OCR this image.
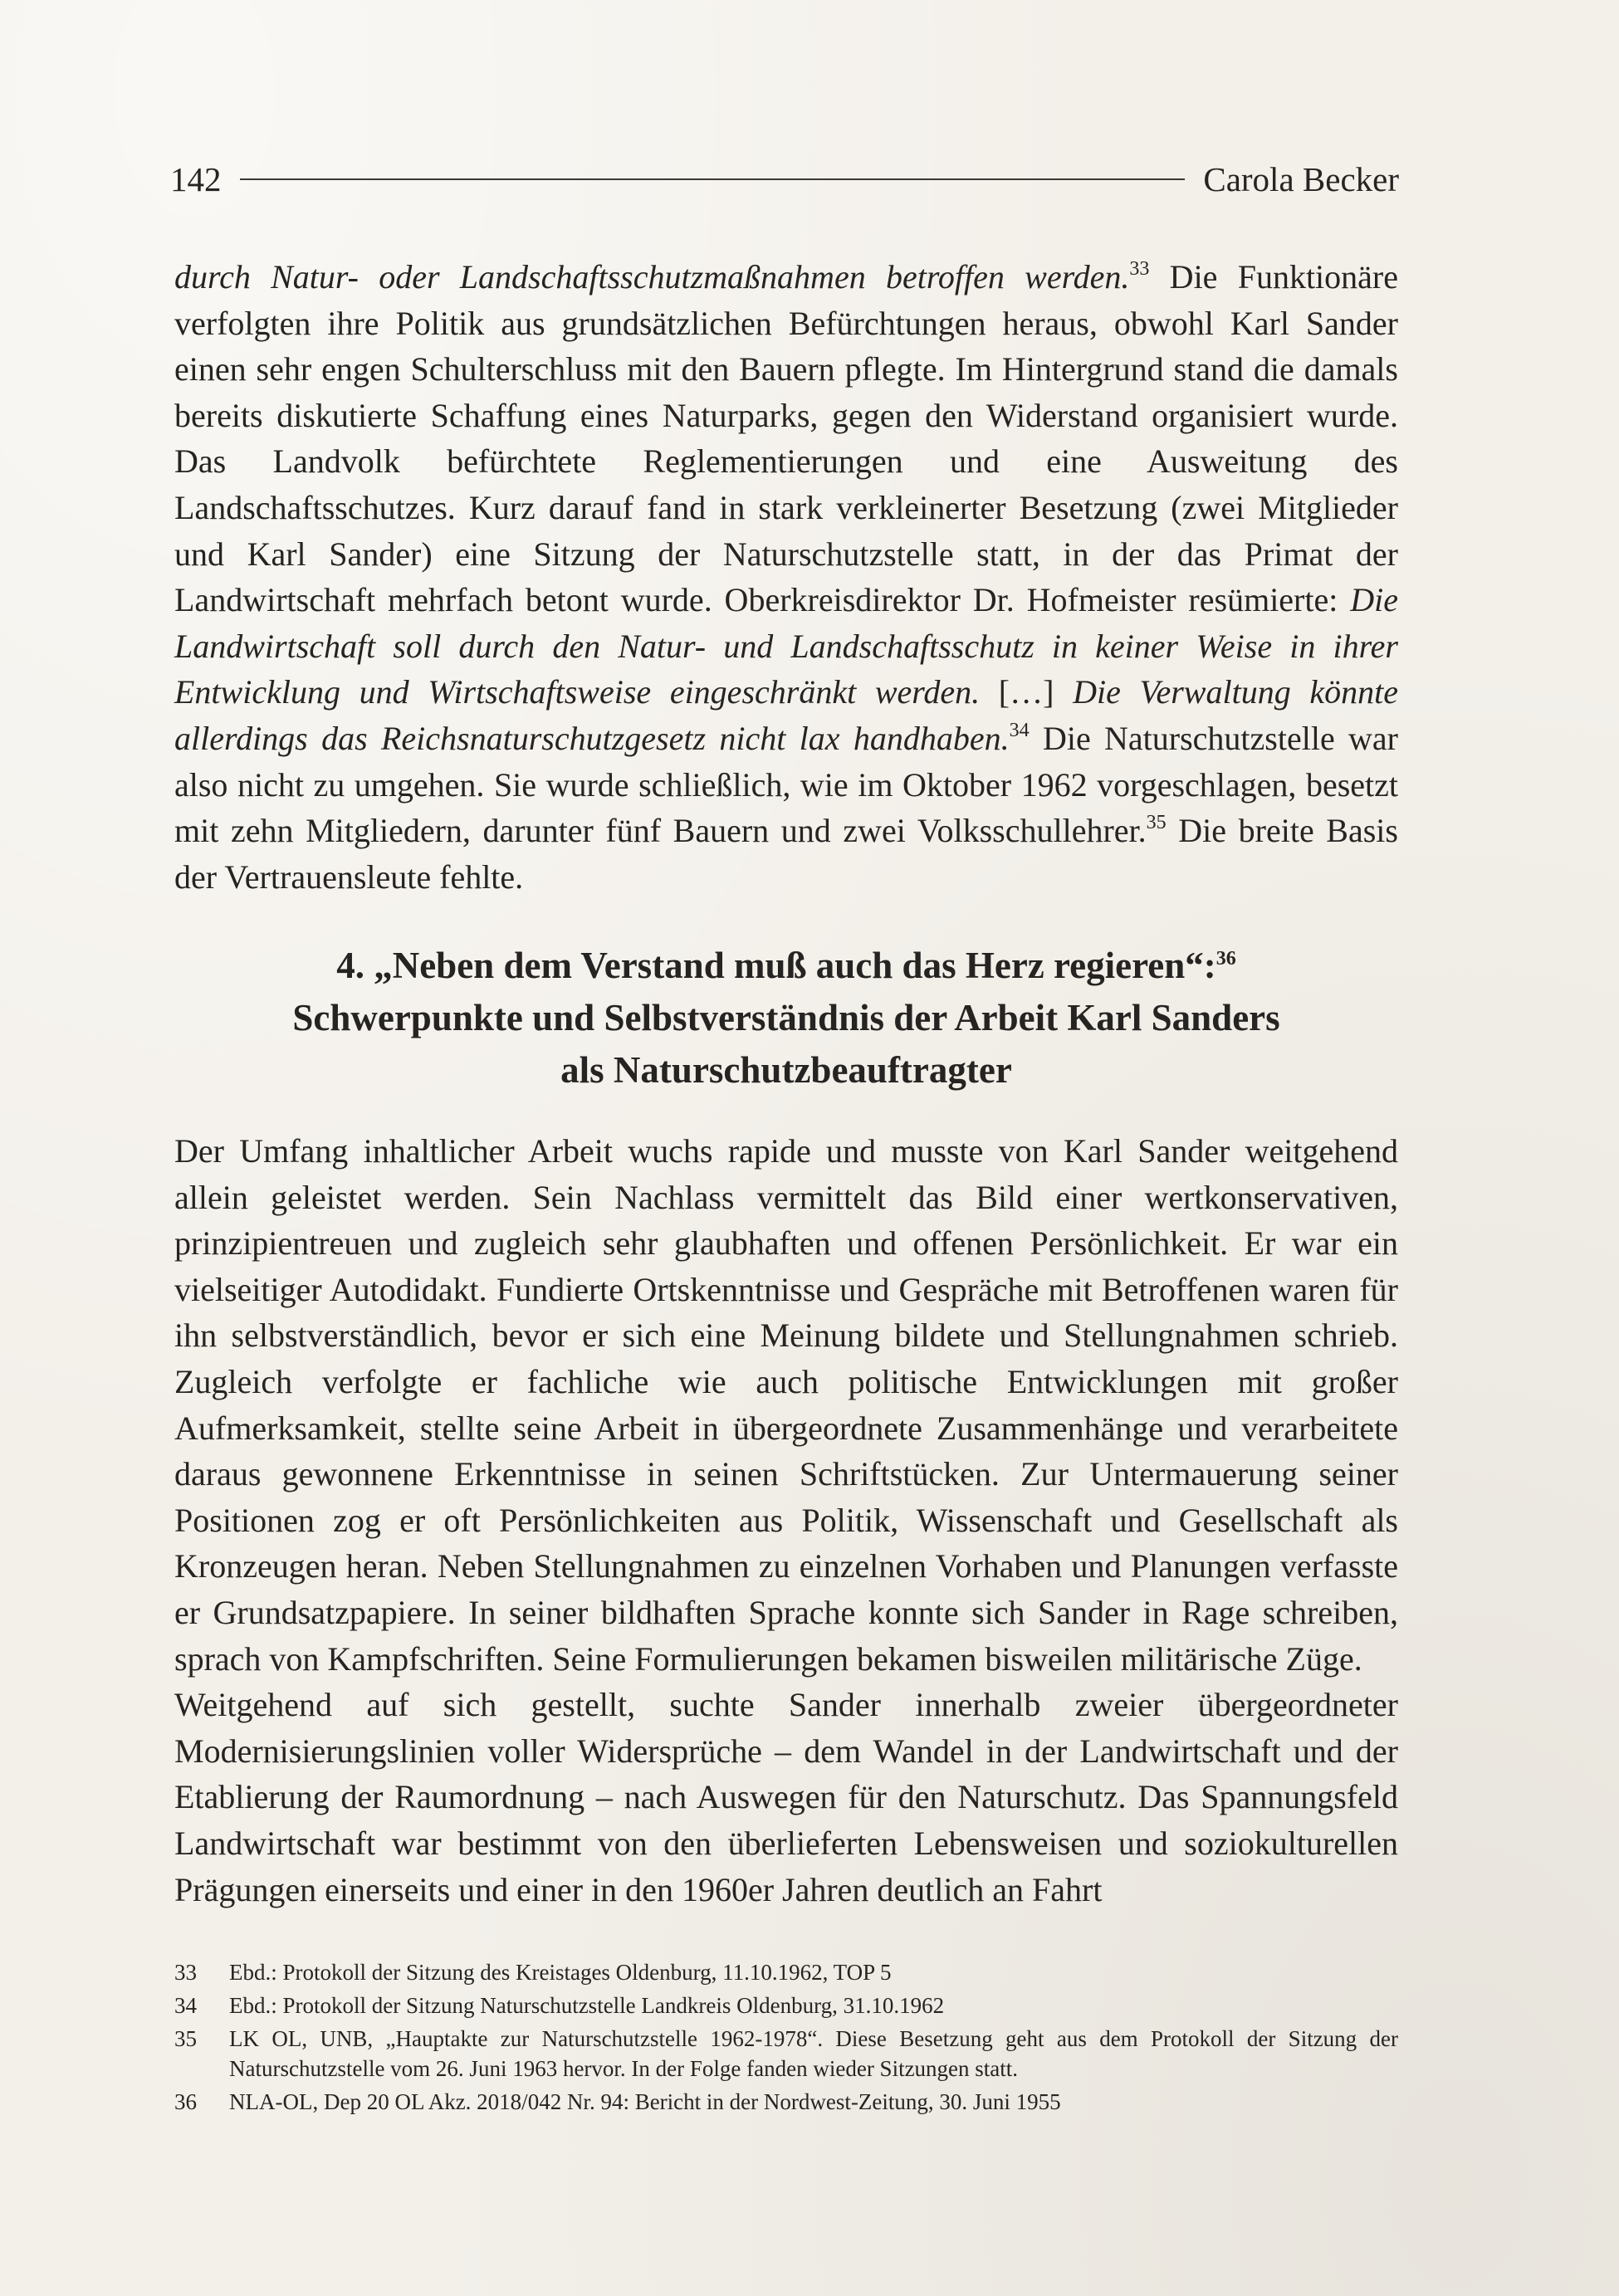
142	Carola Becker

durch Natur- oder Landschaftsschutzmaßnahmen betroffen werden.$^{33}$ Die Funktionäre verfolgten ihre Politik aus grundsätzlichen Befürchtungen heraus, obwohl Karl Sander einen sehr engen Schulterschluss mit den Bauern pflegte. Im Hintergrund stand die damals bereits diskutierte Schaffung eines Naturparks, gegen den Widerstand organisiert wurde. Das Landvolk befürchtete Reglementierungen und eine Ausweitung des Landschaftsschutzes. Kurz darauf fand in stark verkleinerter Besetzung (zwei Mitglieder und Karl Sander) eine Sitzung der Naturschutzstelle statt, in der das Primat der Landwirtschaft mehrfach betont wurde. Oberkreisdirektor Dr. Hofmeister resümierte: Die Landwirtschaft soll durch den Natur- und Landschaftsschutz in keiner Weise in ihrer Entwicklung und Wirtschaftsweise eingeschränkt werden. […] Die Verwaltung könnte allerdings das Reichsnaturschutzgesetz nicht lax handhaben.$^{34}$ Die Naturschutzstelle war also nicht zu umgehen. Sie wurde schließlich, wie im Oktober 1962 vorgeschlagen, besetzt mit zehn Mitgliedern, darunter fünf Bauern und zwei Volksschullehrer.$^{35}$ Die breite Basis der Vertrauensleute fehlte.

4. „Neben dem Verstand muß auch das Herz regieren“:$^{36}$
Schwerpunkte und Selbstverständnis der Arbeit Karl Sanders
als Naturschutzbeauftragter

Der Umfang inhaltlicher Arbeit wuchs rapide und musste von Karl Sander weitgehend allein geleistet werden. Sein Nachlass vermittelt das Bild einer wertkonservativen, prinzipientreuen und zugleich sehr glaubhaften und offenen Persönlichkeit. Er war ein vielseitiger Autodidakt. Fundierte Ortskenntnisse und Gespräche mit Betroffenen waren für ihn selbstverständlich, bevor er sich eine Meinung bildete und Stellungnahmen schrieb. Zugleich verfolgte er fachliche wie auch politische Entwicklungen mit großer Aufmerksamkeit, stellte seine Arbeit in übergeordnete Zusammenhänge und verarbeitete daraus gewonnene Erkenntnisse in seinen Schriftstücken. Zur Untermauerung seiner Positionen zog er oft Persönlichkeiten aus Politik, Wissenschaft und Gesellschaft als Kronzeugen heran. Neben Stellungnahmen zu einzelnen Vorhaben und Planungen verfasste er Grundsatzpapiere. In seiner bildhaften Sprache konnte sich Sander in Rage schreiben, sprach von Kampfschriften. Seine Formulierungen bekamen bisweilen militärische Züge.

Weitgehend auf sich gestellt, suchte Sander innerhalb zweier übergeordneter Modernisierungslinien voller Widersprüche – dem Wandel in der Landwirtschaft und der Etablierung der Raumordnung – nach Auswegen für den Naturschutz. Das Spannungsfeld Landwirtschaft war bestimmt von den überlieferten Lebensweisen und soziokulturellen Prägungen einerseits und einer in den 1960er Jahren deutlich an Fahrt

33	Ebd.: Protokoll der Sitzung des Kreistages Oldenburg, 11.10.1962, TOP 5
34	Ebd.: Protokoll der Sitzung Naturschutzstelle Landkreis Oldenburg, 31.10.1962
35	LK OL, UNB, „Hauptakte zur Naturschutzstelle 1962-1978“. Diese Besetzung geht aus dem Protokoll der Sitzung der Naturschutzstelle vom 26. Juni 1963 hervor. In der Folge fanden wieder Sitzungen statt.
36	NLA-OL, Dep 20 OL Akz. 2018/042 Nr. 94: Bericht in der Nordwest-Zeitung, 30. Juni 1955
